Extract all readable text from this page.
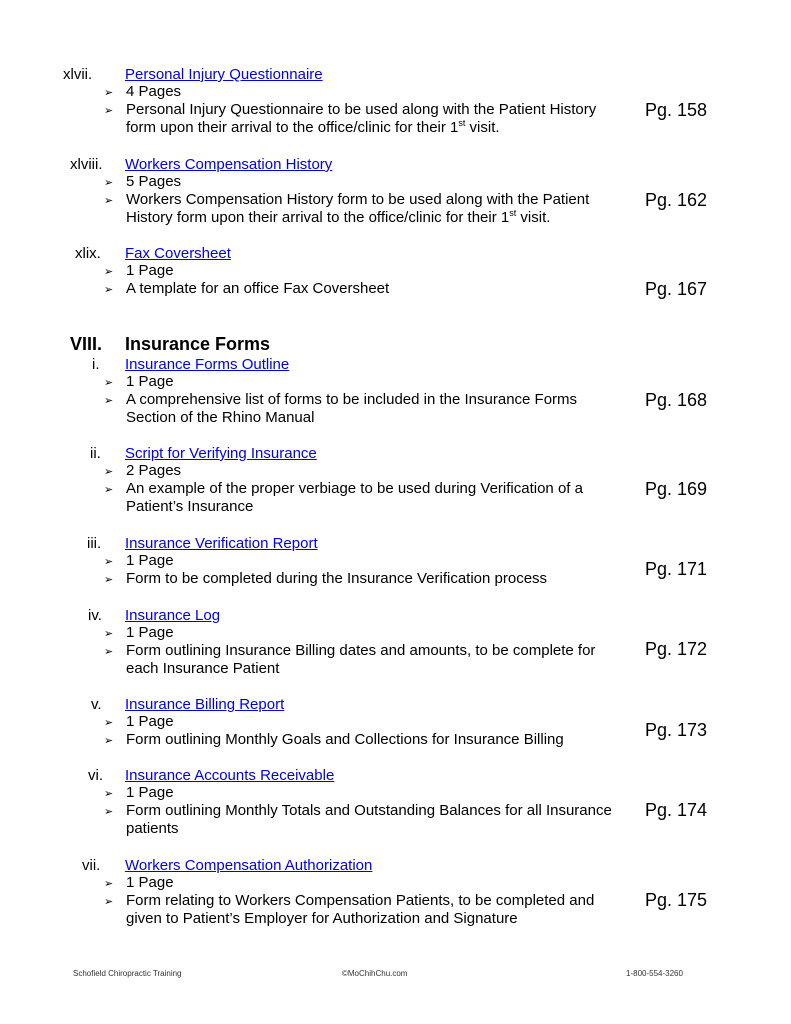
xlvii. Personal Injury Questionnaire
➢ 4 Pages
➢ Personal Injury Questionnaire to be used along with the Patient History form upon their arrival to the office/clinic for their 1st visit.
Pg. 158
xlviii. Workers Compensation History
➢ 5 Pages
➢ Workers Compensation History form to be used along with the Patient History form upon their arrival to the office/clinic for their 1st visit.
Pg. 162
xlix. Fax Coversheet
➢ 1 Page
➢ A template for an office Fax Coversheet	Pg. 167
VIII. Insurance Forms
i. Insurance Forms Outline
➢ 1 Page
➢ A comprehensive list of forms to be included in the Insurance Forms Section of the Rhino Manual
Pg. 168
ii. Script for Verifying Insurance
➢ 2 Pages
➢ An example of the proper verbiage to be used during Verification of a Patient’s Insurance
Pg. 169
iii. Insurance Verification Report
➢ 1 Page
➢ Form to be completed during the Insurance Verification process	Pg. 171
iv. Insurance Log
➢ 1 Page
➢ Form outlining Insurance Billing dates and amounts, to be complete for each Insurance Patient
Pg. 172
v. Insurance Billing Report
➢ 1 Page
➢ Form outlining Monthly Goals and Collections for Insurance Billing	Pg. 173
vi. Insurance Accounts Receivable
➢ 1 Page
➢ Form outlining Monthly Totals and Outstanding Balances for all Insurance patients
Pg. 174
vii. Workers Compensation Authorization
➢ 1 Page
➢ Form relating to Workers Compensation Patients, to be completed and given to Patient’s Employer for Authorization and Signature
Pg. 175
Schofield Chiropractic Training	©MoChihChu.com	1-800-554-3260
